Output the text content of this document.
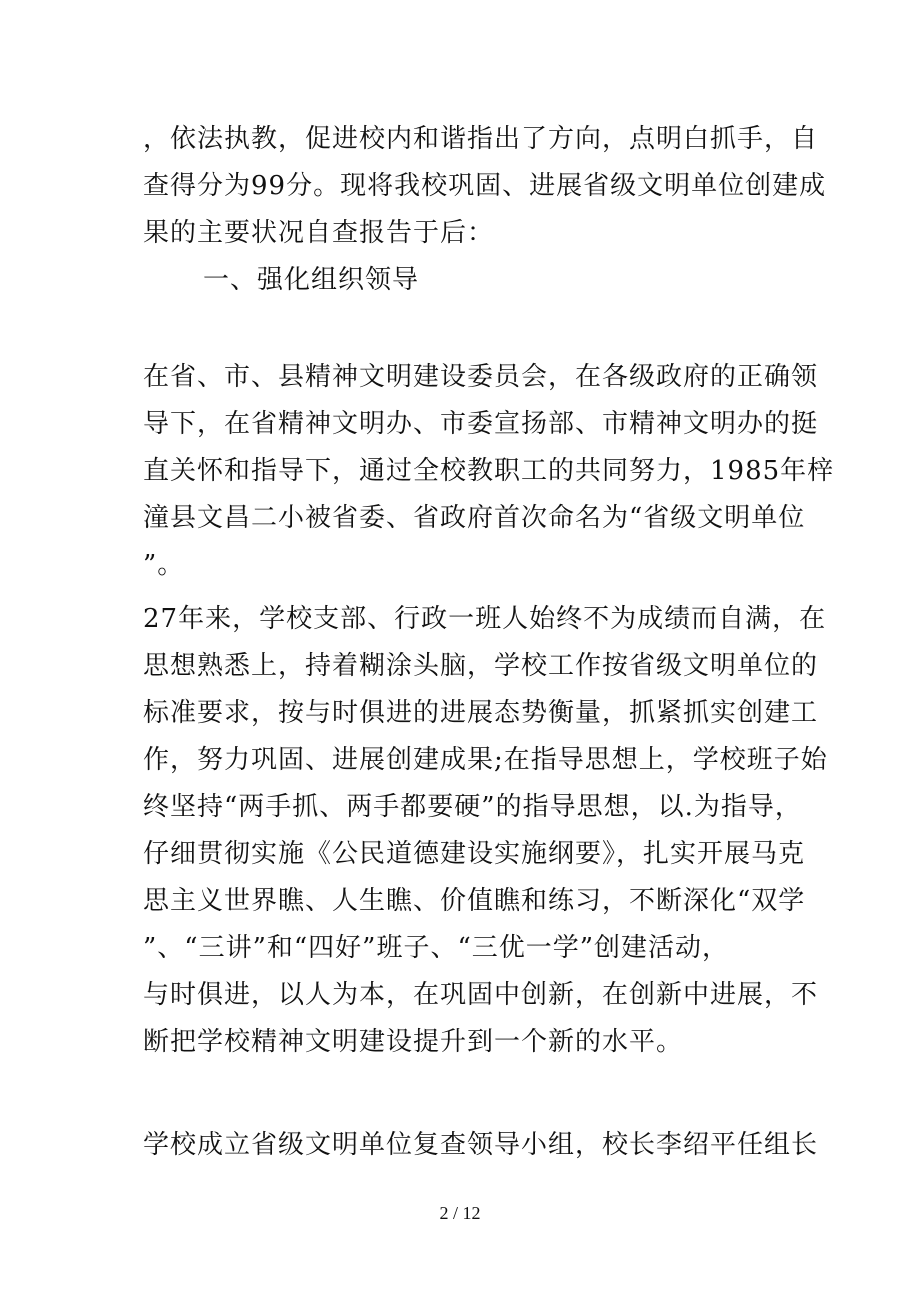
，依法执教，促进校内和谐指出了方向，点明白抓手，自
查得分为99分。现将我校巩固、进展省级文明单位创建成
果的主要状况自查报告于后：
一、强化组织领导
在省、市、县精神文明建设委员会，在各级政府的正确领
导下，在省精神文明办、市委宣扬部、市精神文明办的挺
直关怀和指导下，通过全校教职工的共同努力，1985年梓
潼县文昌二小被省委、省政府首次命名为“省级文明单位
”。
27年来，学校支部、行政一班人始终不为成绩而自满，在
思想熟悉上，持着糊涂头脑，学校工作按省级文明单位的
标准要求，按与时俱进的进展态势衡量，抓紧抓实创建工
作，努力巩固、进展创建成果;在指导思想上，学校班子始
终坚持“两手抓、两手都要硬”的指导思想，以.为指导，
仔细贯彻实施《公民道德建设实施纲要》，扎实开展马克
思主义世界瞧、人生瞧、价值瞧和练习，不断深化“双学
”、“三讲”和“四好”班子、“三优一学”创建活动，
与时俱进，以人为本，在巩固中创新，在创新中进展，不
断把学校精神文明建设提升到一个新的水平。
学校成立省级文明单位复查领导小组，校长李绍平任组长
2 / 12
